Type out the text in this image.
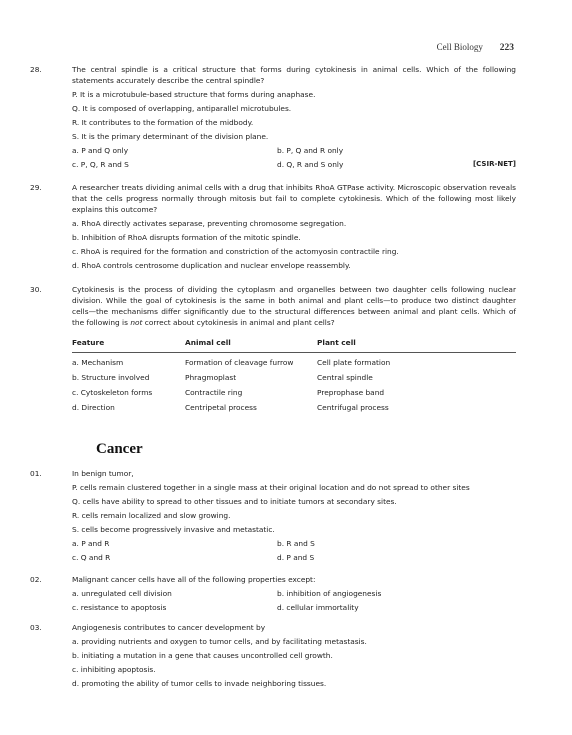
Cell Biology 223
28.	The central spindle is a critical structure that forms during cytokinesis in animal cells. Which of the following statements accurately describe the central spindle?

P. It is a microtubule-based structure that forms during anaphase.
Q. It is composed of overlapping, antiparallel microtubules.
R. It contributes to the formation of the midbody.
S. It is the primary determinant of the division plane.
a. P and Q only	b. P, Q and R only
c. P, Q, R and S	d. Q, R and S only	[CSIR-NET]
29.	A researcher treats dividing animal cells with a drug that inhibits RhoA GTPase activity. Microscopic observation reveals that the cells progress normally through mitosis but fail to complete cytokinesis. Which of the following most likely explains this outcome?

a. RhoA directly activates separase, preventing chromosome segregation.
b. Inhibition of RhoA disrupts formation of the mitotic spindle.
c. RhoA is required for the formation and constriction of the actomyosin contractile ring.
d. RhoA controls centrosome duplication and nuclear envelope reassembly.
30.	Cytokinesis is the process of dividing the cytoplasm and organelles between two daughter cells following nuclear division. While the goal of cytokinesis is the same in both animal and plant cells—to produce two distinct daughter cells—the mechanisms differ significantly due to the structural differences between animal and plant cells. Which of the following is not correct about cytokinesis in animal and plant cells?

Feature	Animal cell	Plant cell
a. Mechanism	Formation of cleavage furrow	Cell plate formation
b. Structure involved	Phragmoplast	Central spindle
c. Cytoskeleton forms	Contractile ring	Preprophase band
d. Direction	Centripetal process	Centrifugal process
Cancer
01.	In benign tumor,

P. cells remain clustered together in a single mass at their original location and do not spread to other sites
Q. cells have ability to spread to other tissues and to initiate tumors at secondary sites.
R. cells remain localized and slow growing.
S. cells become progressively invasive and metastatic.
a. P and R	b. R and S
c. Q and R	d. P and S
02.	Malignant cancer cells have all of the following properties except:

a. unregulated cell division	b. inhibition of angiogenesis
c. resistance to apoptosis	d. cellular immortality
03.	Angiogenesis contributes to cancer development by

a. providing nutrients and oxygen to tumor cells, and by facilitating metastasis.
b. initiating a mutation in a gene that causes uncontrolled cell growth.
c. inhibiting apoptosis.
d. promoting the ability of tumor cells to invade neighboring tissues.
